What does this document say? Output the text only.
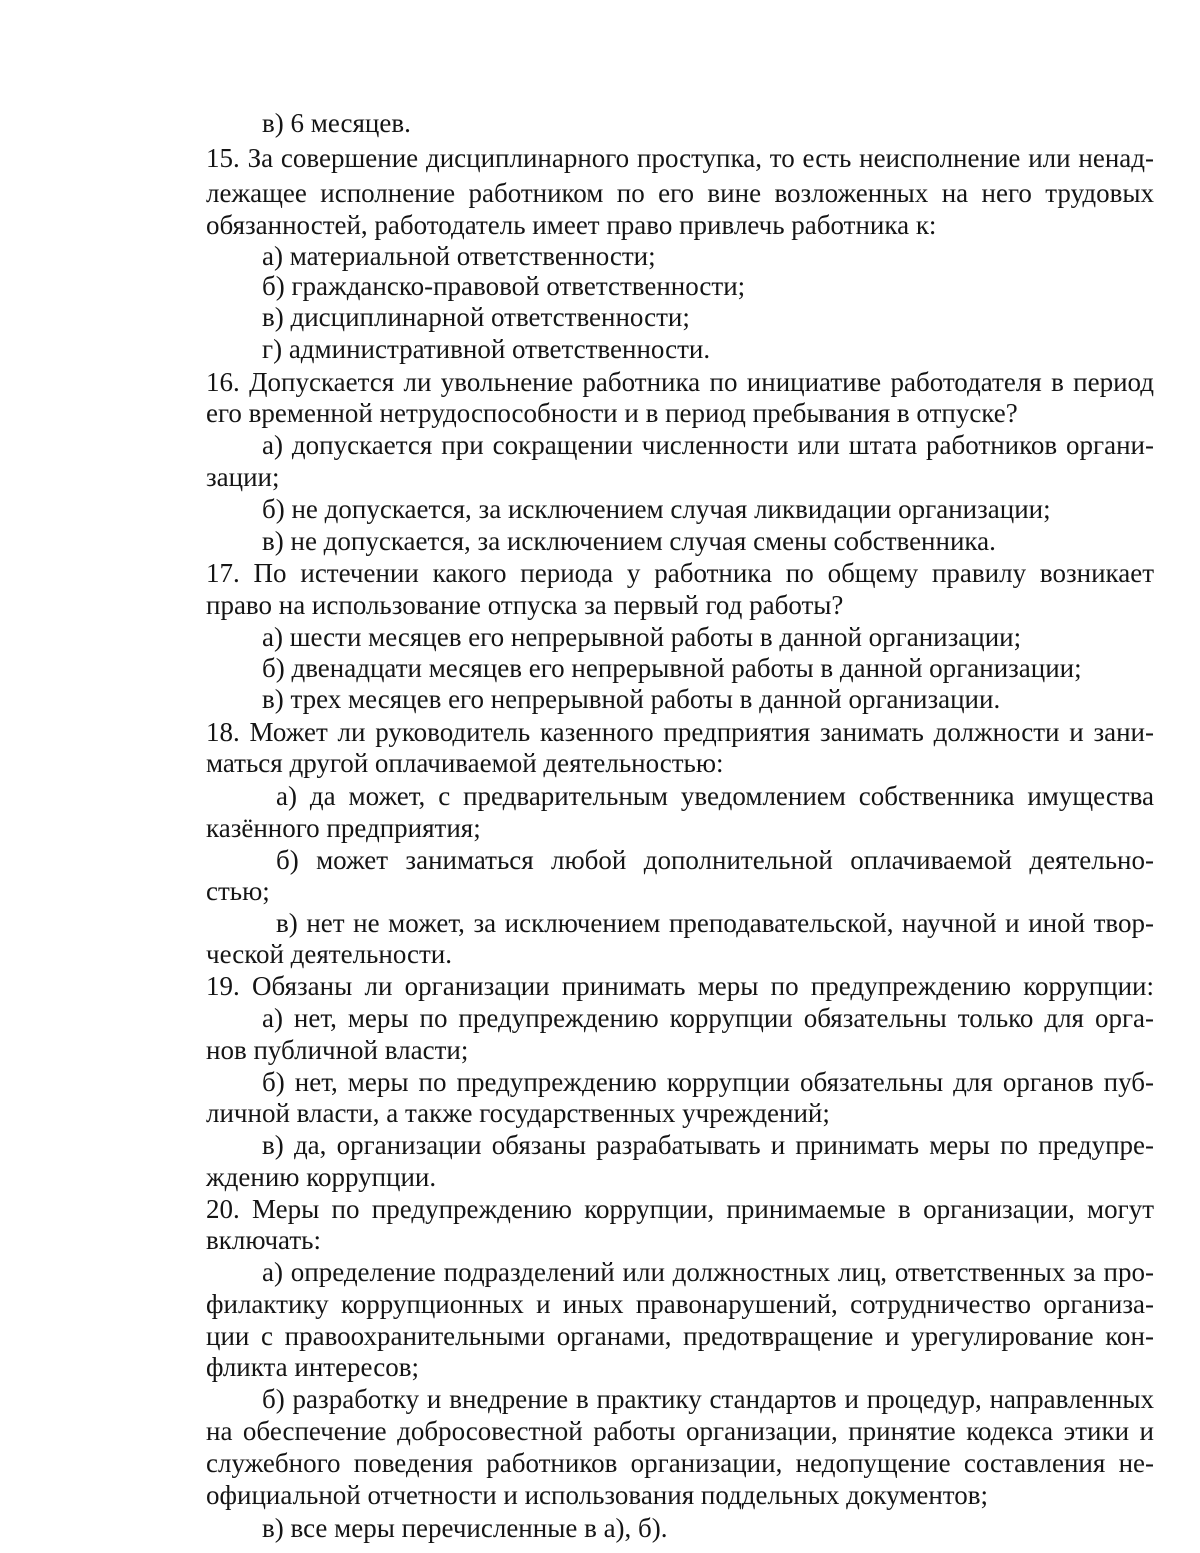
в) 6 месяцев.
15. За совершение дисциплинарного проступка, то есть неисполнение или ненад-
лежащее исполнение работником по его вине возложенных на него трудовых
обязанностей, работодатель имеет право привлечь работника к:
а) материальной ответственности;
б) гражданско-правовой ответственности;
в) дисциплинарной ответственности;
г) административной ответственности.
16. Допускается ли увольнение работника по инициативе работодателя в период
его временной нетрудоспособности и в период пребывания в отпуске?
а) допускается при сокращении численности или штата работников органи-
зации;
б) не допускается, за исключением случая ликвидации организации;
в) не допускается, за исключением случая смены собственника.
17. По истечении какого периода у работника по общему правилу возникает
право на использование отпуска за первый год работы?
а) шести месяцев его непрерывной работы в данной организации;
б) двенадцати месяцев его непрерывной работы в данной организации;
в) трех месяцев его непрерывной работы в данной организации.
18. Может ли руководитель казенного предприятия занимать должности и зани-
маться другой оплачиваемой деятельностью:
а) да может, с предварительным уведомлением собственника имущества
казённого предприятия;
б) может заниматься любой дополнительной оплачиваемой деятельно-
стью;
в) нет не может, за исключением преподавательской, научной и иной твор-
ческой деятельности.
19. Обязаны ли организации принимать меры по предупреждению коррупции:
а) нет, меры по предупреждению коррупции обязательны только для орга-
нов публичной власти;
б) нет, меры по предупреждению коррупции обязательны для органов пуб-
личной власти, а также государственных учреждений;
в) да, организации обязаны разрабатывать и принимать меры по предупре-
ждению коррупции.
20. Меры по предупреждению коррупции, принимаемые в организации, могут
включать:
а) определение подразделений или должностных лиц, ответственных за про-
филактику коррупционных и иных правонарушений, сотрудничество организа-
ции с правоохранительными органами, предотвращение и урегулирование кон-
фликта интересов;
б) разработку и внедрение в практику стандартов и процедур, направленных
на обеспечение добросовестной работы организации, принятие кодекса этики и
служебного поведения работников организации, недопущение составления не-
официальной отчетности и использования поддельных документов;
в) все меры перечисленные в а), б).
